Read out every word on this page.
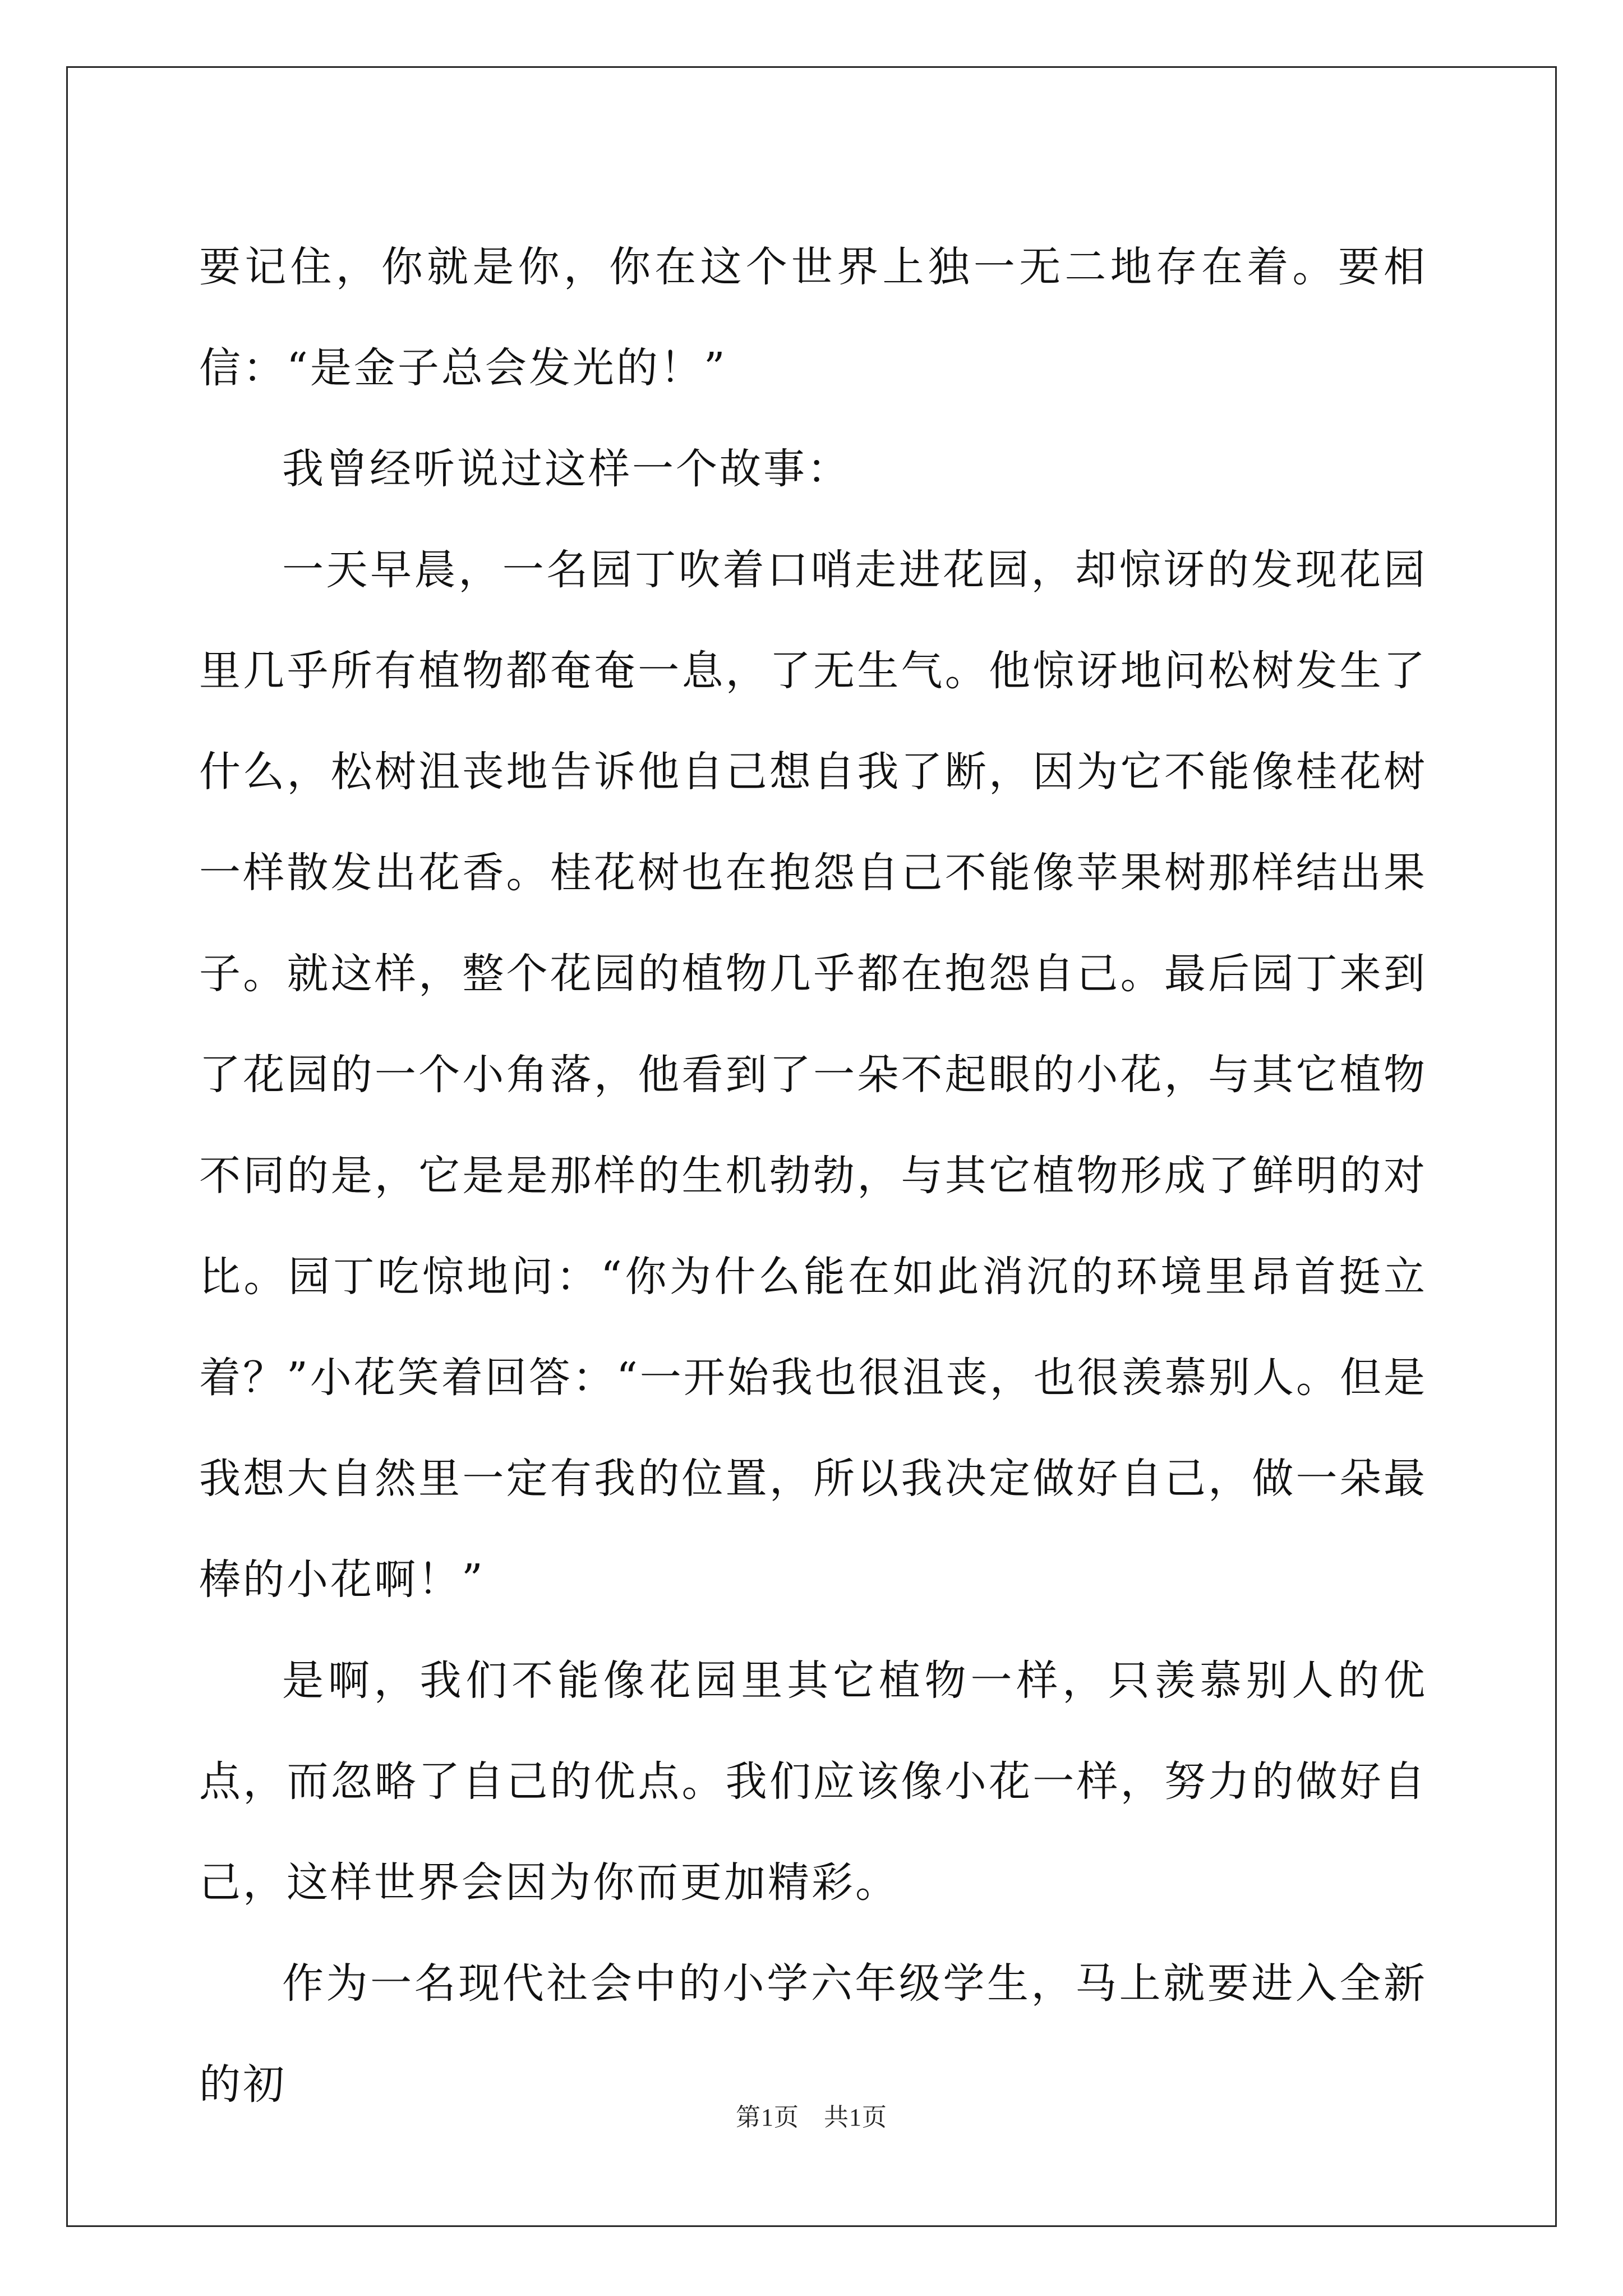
要记住，你就是你，你在这个世界上独一无二地存在着。要相信：“是金子总会发光的！”

我曾经听说过这样一个故事：

一天早晨，一名园丁吹着口哨走进花园，却惊讶的发现花园里几乎所有植物都奄奄一息，了无生气。他惊讶地问松树发生了什么，松树沮丧地告诉他自己想自我了断，因为它不能像桂花树一样散发出花香。桂花树也在抱怨自己不能像苹果树那样结出果子。就这样，整个花园的植物几乎都在抱怨自己。最后园丁来到了花园的一个小角落，他看到了一朵不起眼的小花，与其它植物不同的是，它是是那样的生机勃勃，与其它植物形成了鲜明的对比。园丁吃惊地问：“你为什么能在如此消沉的环境里昂首挺立着？”小花笑着回答：“一开始我也很沮丧，也很羡慕别人。但是我想大自然里一定有我的位置，所以我决定做好自己，做一朵最棒的小花啊！”

是啊，我们不能像花园里其它植物一样，只羡慕别人的优点，而忽略了自己的优点。我们应该像小花一样，努力的做好自己，这样世界会因为你而更加精彩。

作为一名现代社会中的小学六年级学生，马上就要进入全新的初

第1页 共1页
